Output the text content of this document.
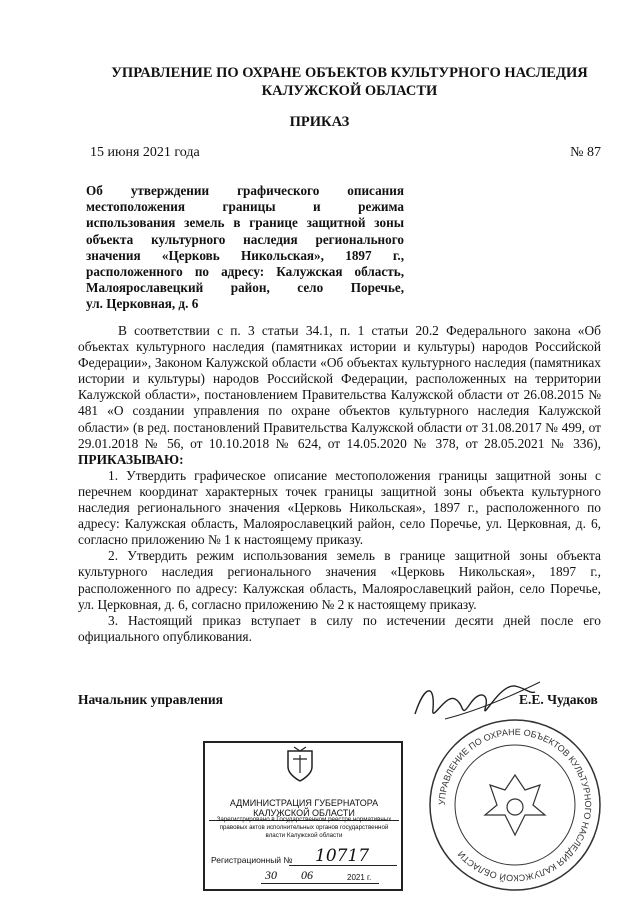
УПРАВЛЕНИЕ ПО ОХРАНЕ ОБЪЕКТОВ КУЛЬТУРНОГО НАСЛЕДИЯ
КАЛУЖСКОЙ ОБЛАСТИ
ПРИКАЗ
15 июня 2021 года	№ 87
Об утверждении графического описания
местоположения границы и режима
использования земель в границе защитной зоны
объекта культурного наследия регионального
значения «Церковь Никольская», 1897 г.,
расположенного по адресу: Калужская область,
Малоярославецкий район, село Поречье,
ул. Церковная, д. 6

В соответствии с п. 3 статьи 34.1, п. 1 статьи 20.2 Федерального закона «Об объектах культурного наследия (памятниках истории и культуры) народов Российской Федерации», Законом Калужской области «Об объектах культурного наследия (памятниках истории и культуры) народов Российской Федерации, расположенных на территории Калужской области», постановлением Правительства Калужской области от 26.08.2015 № 481 «О создании управления по охране объектов культурного наследия Калужской области» (в ред. постановлений Правительства Калужской области от 31.08.2017 № 499, от 29.01.2018 № 56, от 10.10.2018 № 624, от 14.05.2020 № 378, от 28.05.2021 № 336), ПРИКАЗЫВАЮ:

1. Утвердить графическое описание местоположения границы защитной зоны с перечнем координат характерных точек границы защитной зоны объекта культурного наследия регионального значения «Церковь Никольская», 1897 г., расположенного по адресу: Калужская область, Малоярославецкий район, село Поречье, ул. Церковная, д. 6, согласно приложению № 1 к настоящему приказу.

2. Утвердить режим использования земель в границе защитной зоны объекта культурного наследия регионального значения «Церковь Никольская», 1897 г., расположенного по адресу: Калужская область, Малоярославецкий район, село Поречье, ул. Церковная, д. 6, согласно приложению № 2 к настоящему приказу.

3. Настоящий приказ вступает в силу по истечении десяти дней после его официального опубликования.

Начальник управления	Е.Е. Чудаков
УПРАВЛЕНИЕ ПО ОХРАНЕ ОБЪЕКТОВ КУЛЬТУРНОГО НАСЛЕДИЯ КАЛУЖСКОЙ ОБЛАСТИ
АДМИНИСТРАЦИЯ ГУБЕРНАТОРА КАЛУЖСКОЙ ОБЛАСТИ
Зарегистрировано в Государственном реестре нормативных правовых актов исполнительных органов государственной власти Калужской области
Регистрационный № 10717
30 06	2021 г.
